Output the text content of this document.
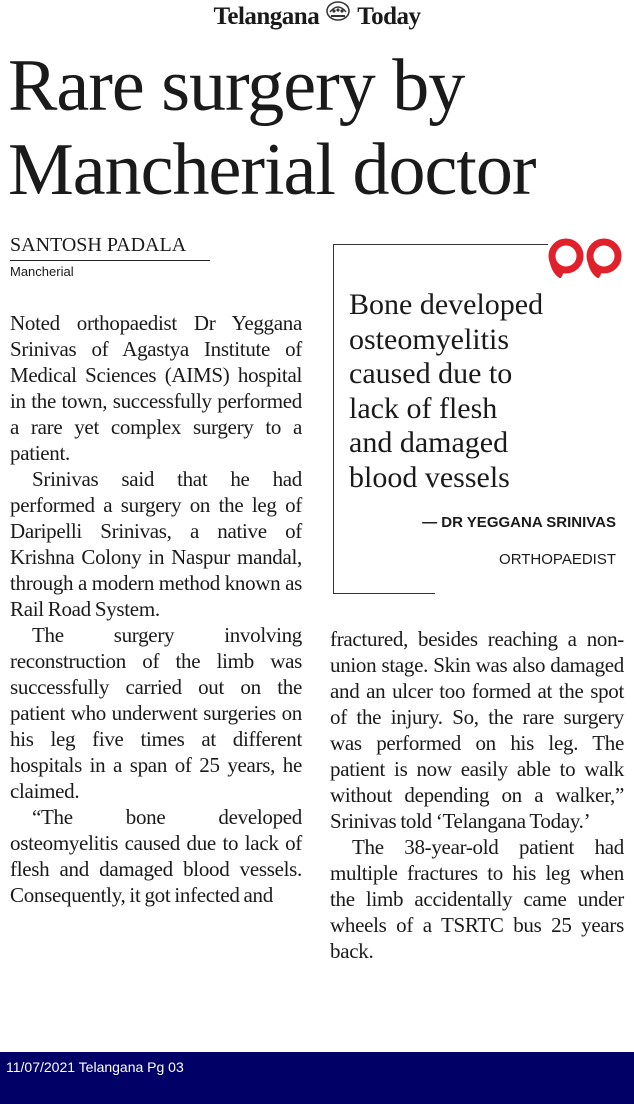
Telangana Today
Rare surgery by
Mancherial doctor
SANTOSH PADALA
Mancherial

Noted orthopaedist Dr Yeggana Srinivas of Agastya Institute of Medical Sciences (AIMS) hospital in the town, successfully performed a rare yet complex surgery to a patient.

Srinivas said that he had performed a surgery on the leg of Daripelli Srinivas, a native of Krishna Colony in Naspur mandal, through a modern method known as Rail Road System.

The surgery involving reconstruction of the limb was successfully carried out on the patient who underwent surgeries on his leg five times at different hospitals in a span of 25 years, he claimed.

“The bone developed osteomyelitis caused due to lack of flesh and damaged blood vessels. Consequently, it got infected and

Bone developed
osteomyelitis
caused due to
lack of flesh
and damaged
blood vessels
— DR YEGGANA SRINIVAS
ORTHOPAEDIST

fractured, besides reaching a non-union stage. Skin was also damaged and an ulcer too formed at the spot of the injury. So, the rare surgery was performed on his leg. The patient is now easily able to walk without depending on a walker,” Srinivas told ‘Telangana Today.’

The 38-year-old patient had multiple fractures to his leg when the limb accidentally came under wheels of a TSRTC bus 25 years back.

11/07/2021 Telangana Pg 03
